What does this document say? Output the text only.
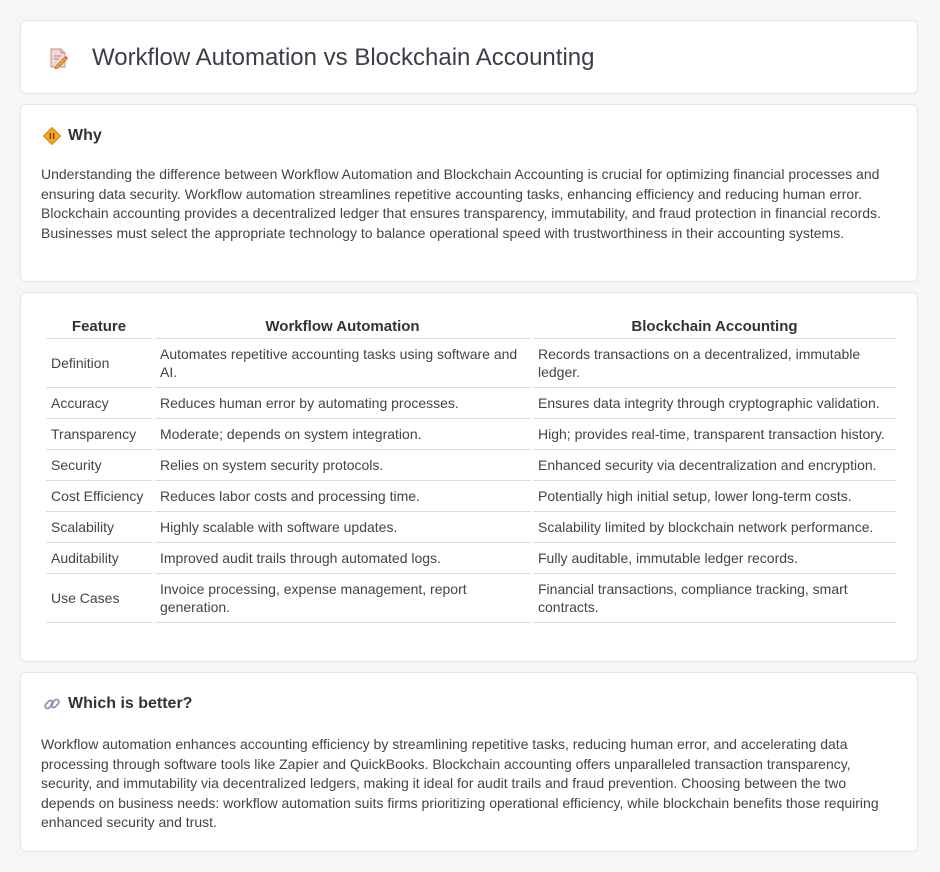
Workflow Automation vs Blockchain Accounting
Why

Understanding the difference between Workflow Automation and Blockchain Accounting is crucial for optimizing financial processes and ensuring data security. Workflow automation streamlines repetitive accounting tasks, enhancing efficiency and reducing human error. Blockchain accounting provides a decentralized ledger that ensures transparency, immutability, and fraud protection in financial records. Businesses must select the appropriate technology to balance operational speed with trustworthiness in their accounting systems.

Feature	Workflow Automation	Blockchain Accounting
Definition	Automates repetitive accounting tasks using software and AI.	Records transactions on a decentralized, immutable ledger.
Accuracy	Reduces human error by automating processes.	Ensures data integrity through cryptographic validation.
Transparency	Moderate; depends on system integration.	High; provides real-time, transparent transaction history.
Security	Relies on system security protocols.	Enhanced security via decentralization and encryption.
Cost Efficiency	Reduces labor costs and processing time.	Potentially high initial setup, lower long-term costs.
Scalability	Highly scalable with software updates.	Scalability limited by blockchain network performance.
Auditability	Improved audit trails through automated logs.	Fully auditable, immutable ledger records.
Use Cases	Invoice processing, expense management, report generation.	Financial transactions, compliance tracking, smart contracts.
Which is better?

Workflow automation enhances accounting efficiency by streamlining repetitive tasks, reducing human error, and accelerating data processing through software tools like Zapier and QuickBooks. Blockchain accounting offers unparalleled transaction transparency, security, and immutability via decentralized ledgers, making it ideal for audit trails and fraud prevention. Choosing between the two depends on business needs: workflow automation suits firms prioritizing operational efficiency, while blockchain benefits those requiring enhanced security and trust.
